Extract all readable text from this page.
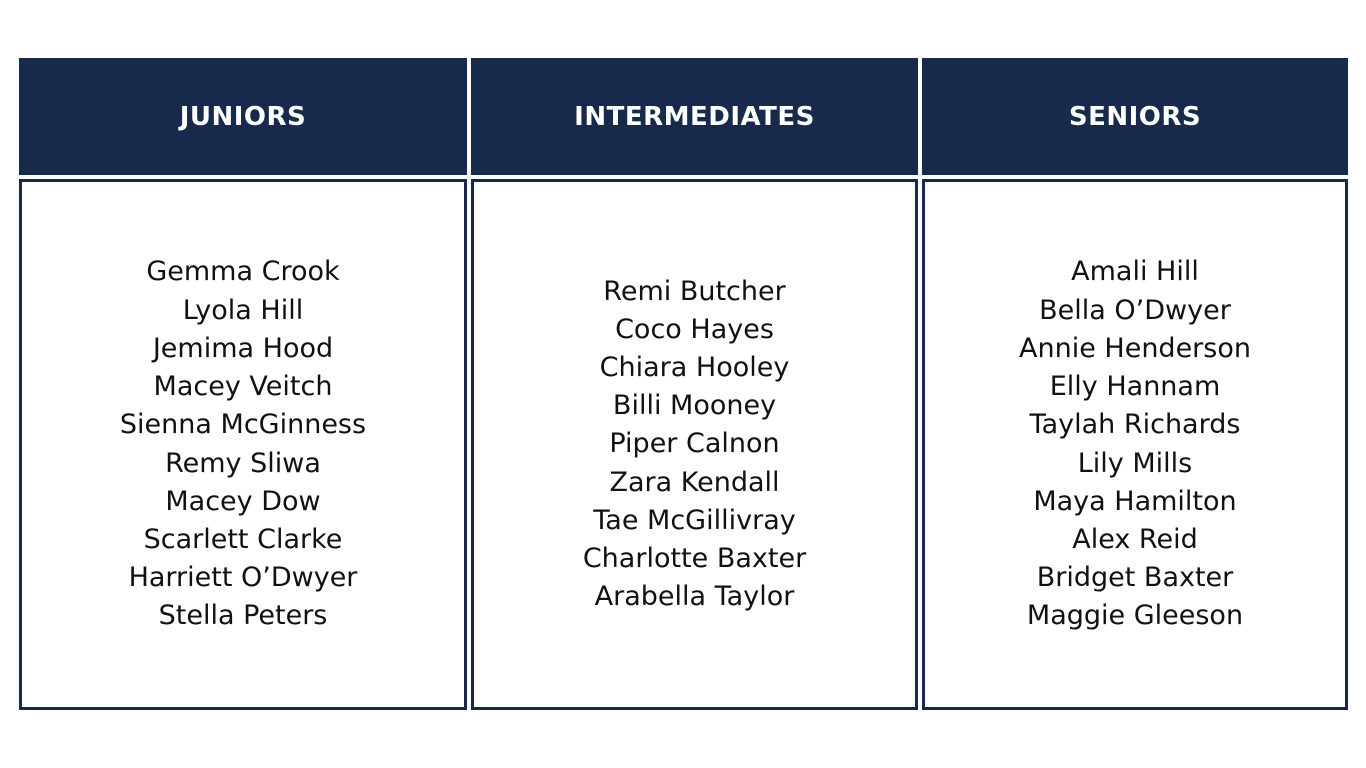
JUNIORS
Gemma Crook
Lyola Hill
Jemima Hood
Macey Veitch
Sienna McGinness
Remy Sliwa
Macey Dow
Scarlett Clarke
Harriett O’Dwyer
Stella Peters
INTERMEDIATES
Remi Butcher
Coco Hayes
Chiara Hooley
Billi Mooney
Piper Calnon
Zara Kendall
Tae McGillivray
Charlotte Baxter
Arabella Taylor
SENIORS
Amali Hill
Bella O’Dwyer
Annie Henderson
Elly Hannam
Taylah Richards
Lily Mills
Maya Hamilton
Alex Reid
Bridget Baxter
Maggie Gleeson
